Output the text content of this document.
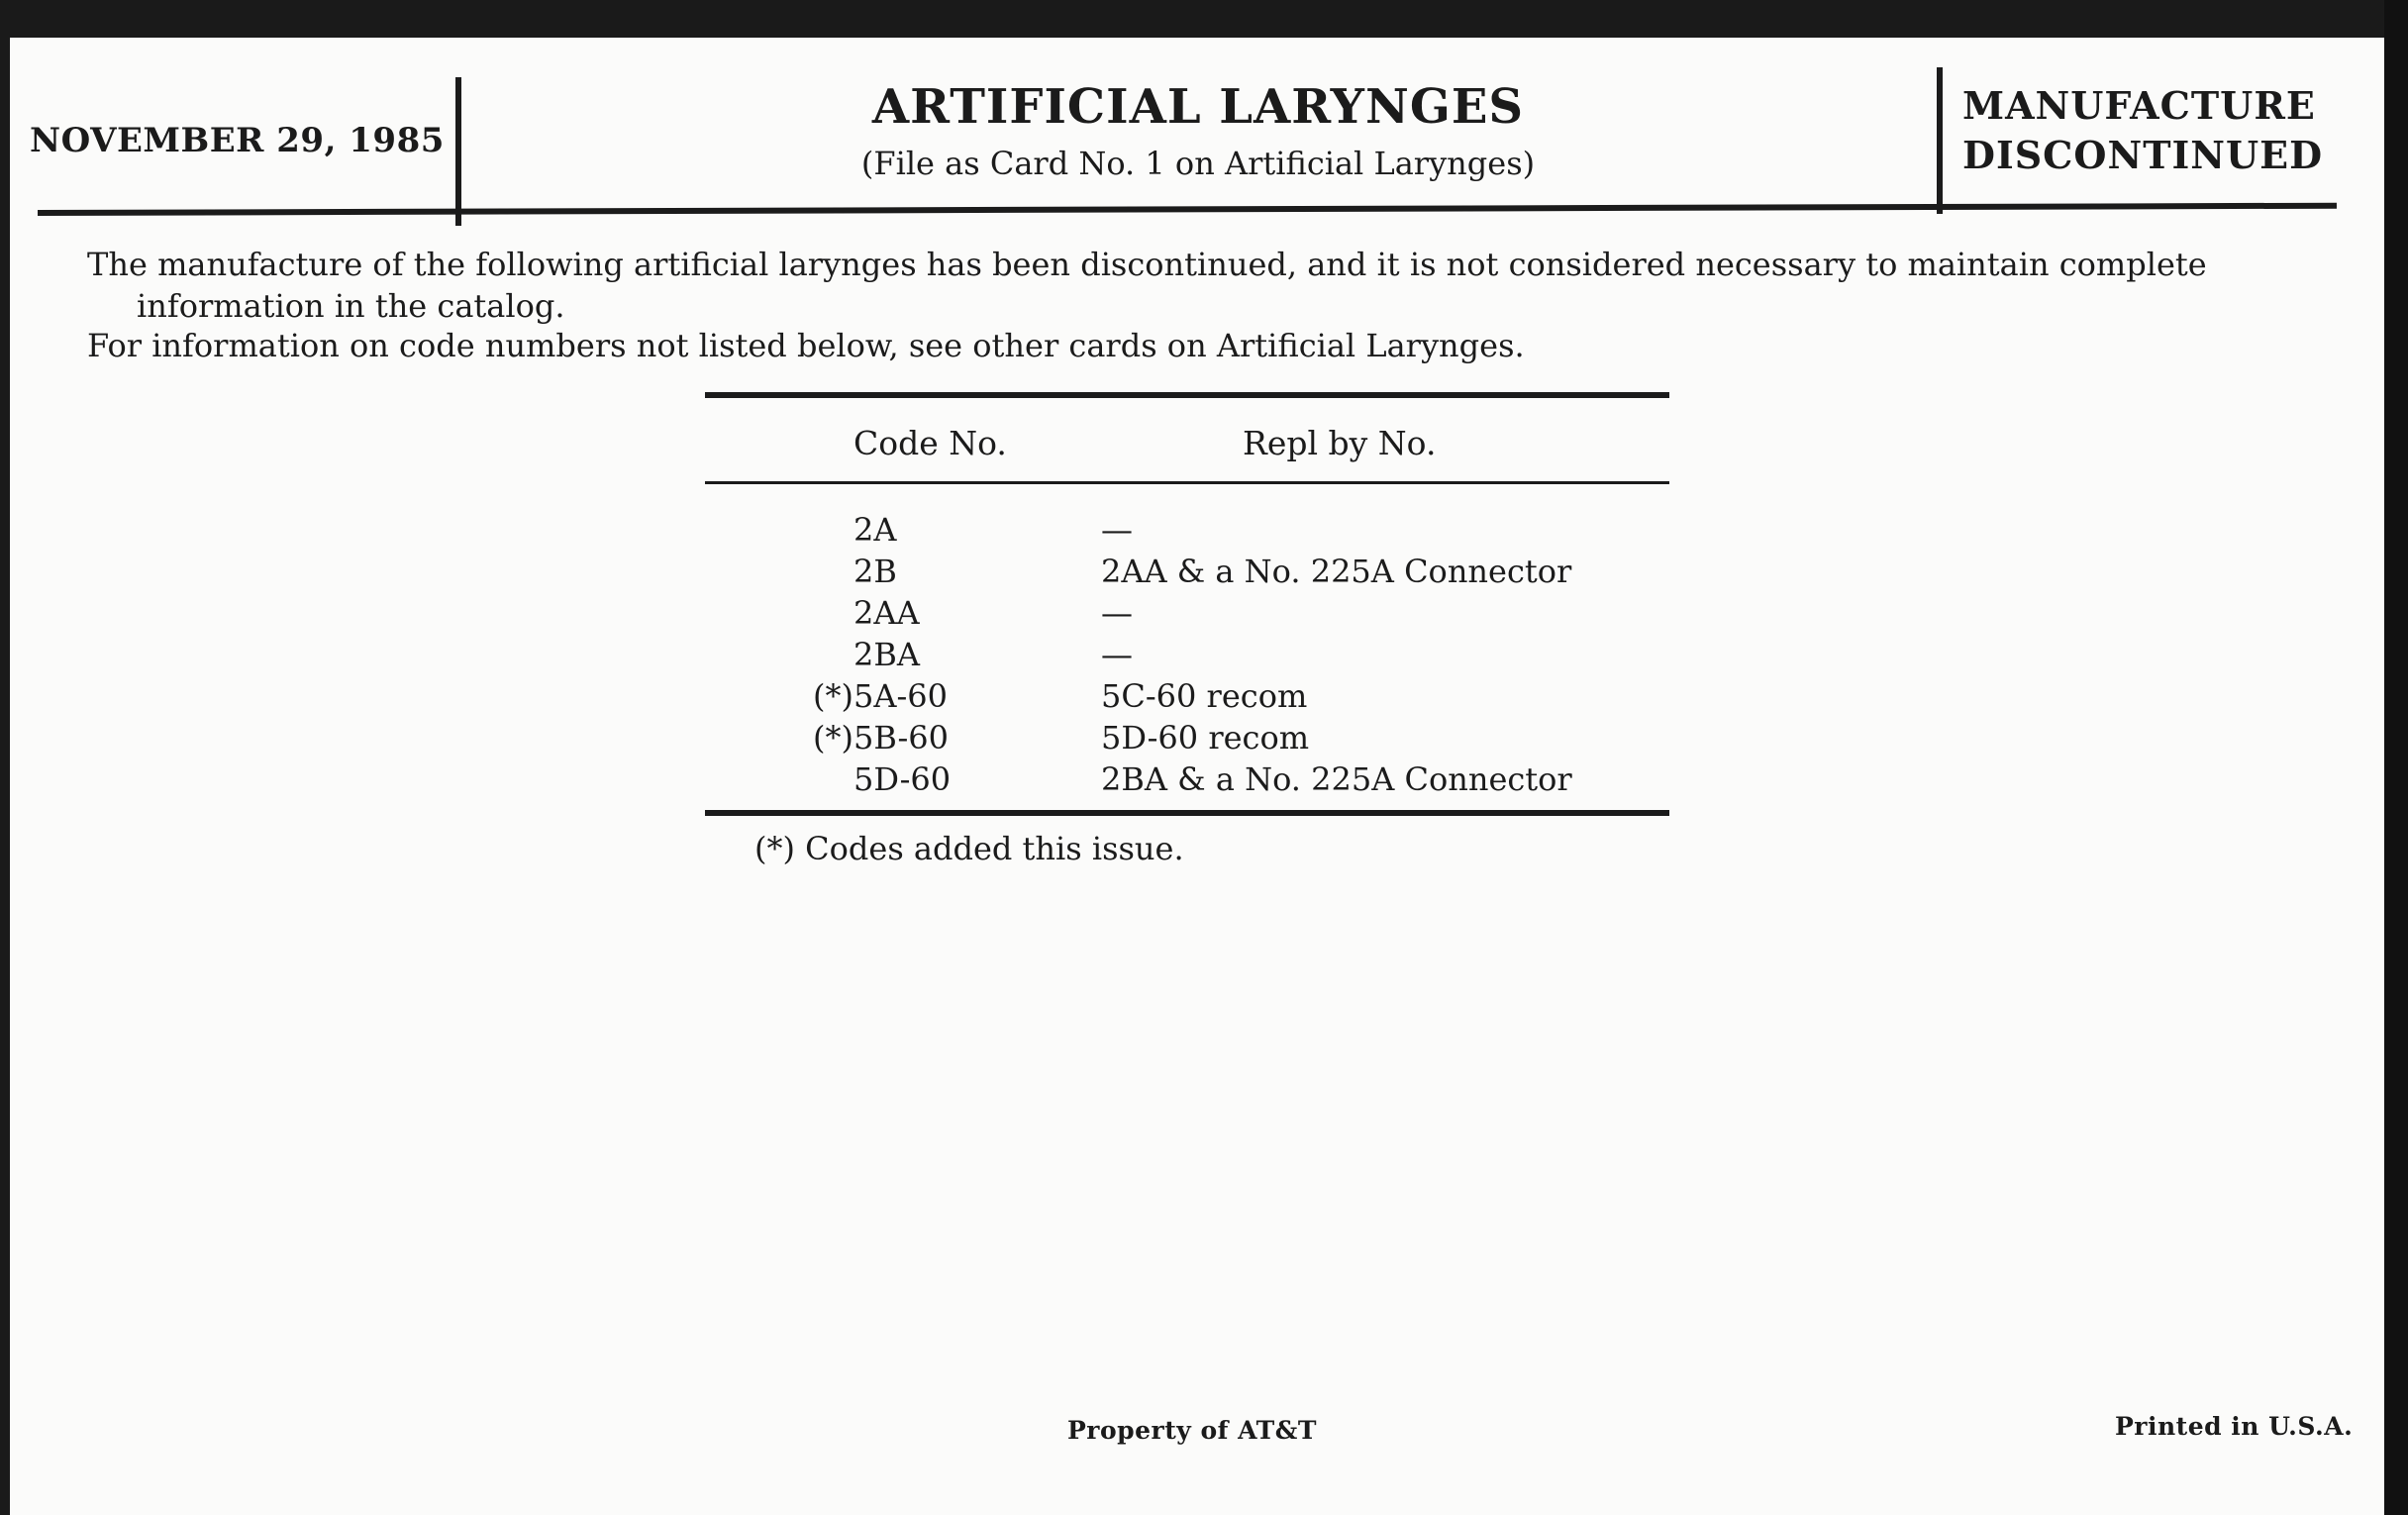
NOVEMBER 29, 1985
ARTIFICIAL LARYNGES
(File as Card No. 1 on Artificial Larynges)
MANUFACTURE
DISCONTINUED

The manufacture of the following artificial larynges has been discontinued, and it is not considered necessary to maintain complete information in the catalog.

For information on code numbers not listed below, see other cards on Artificial Larynges.

Code No.	Repl by No.
2A	—
2B	2AA & a No. 225A Connector
2AA	—
2BA	—
(*) 5A-60	5C-60 recom
(*) 5B-60	5D-60 recom
5D-60	2BA & a No. 225A Connector
(*) Codes added this issue.
Property of AT&T	Printed in U.S.A.
